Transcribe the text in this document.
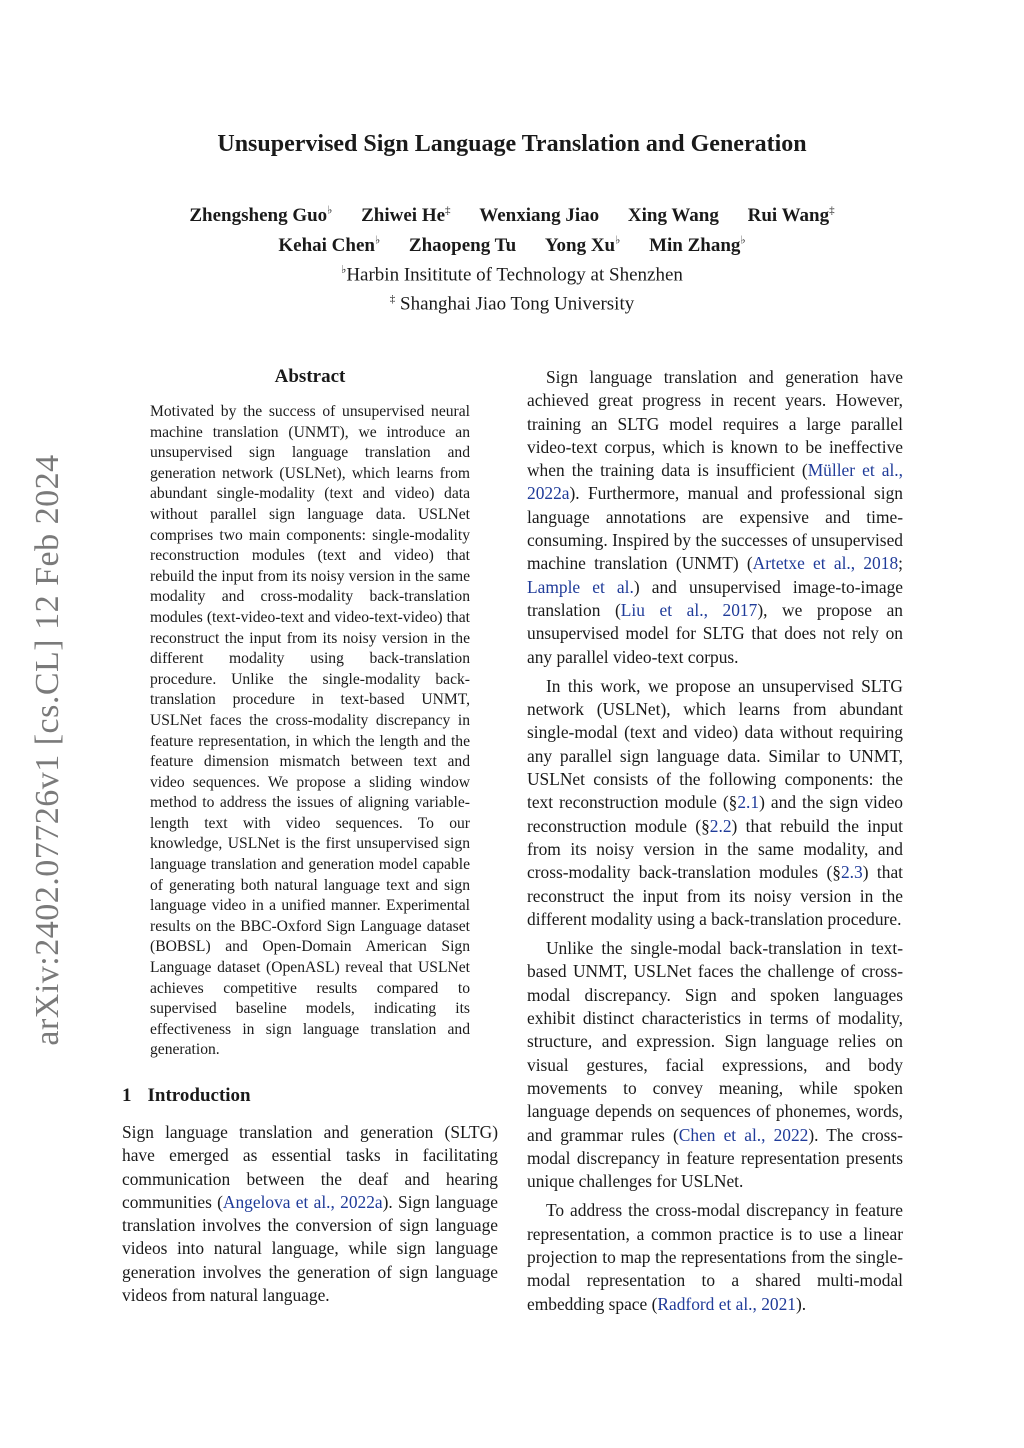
arXiv:2402.07726v1 [cs.CL] 12 Feb 2024
Unsupervised Sign Language Translation and Generation
Zhengsheng Guo♭ Zhiwei He‡ Wenxiang Jiao Xing Wang Rui Wang‡
Kehai Chen♭ Zhaopeng Tu Yong Xu♭ Min Zhang♭
♭Harbin Insititute of Technology at Shenzhen
‡ Shanghai Jiao Tong University
Abstract

Motivated by the success of unsupervised neural machine translation (UNMT), we introduce an unsupervised sign language translation and generation network (USLNet), which learns from abundant single-modality (text and video) data without parallel sign language data. USLNet comprises two main components: single-modality reconstruction modules (text and video) that rebuild the input from its noisy version in the same modality and cross-modality back-translation modules (text-video-text and video-text-video) that reconstruct the input from its noisy version in the different modality using back-translation procedure. Unlike the single-modality back-translation procedure in text-based UNMT, USLNet faces the cross-modality discrepancy in feature representation, in which the length and the feature dimension mismatch between text and video sequences. We propose a sliding window method to address the issues of aligning variable-length text with video sequences. To our knowledge, USLNet is the first unsupervised sign language translation and generation model capable of generating both natural language text and sign language video in a unified manner. Experimental results on the BBC-Oxford Sign Language dataset (BOBSL) and Open-Domain American Sign Language dataset (OpenASL) reveal that USLNet achieves competitive results compared to supervised baseline models, indicating its effectiveness in sign language translation and generation.

1 Introduction

Sign language translation and generation (SLTG) have emerged as essential tasks in facilitating communication between the deaf and hearing communities (Angelova et al., 2022a). Sign language translation involves the conversion of sign language videos into natural language, while sign language generation involves the generation of sign language videos from natural language.

Sign language translation and generation have achieved great progress in recent years. However, training an SLTG model requires a large parallel video-text corpus, which is known to be ineffective when the training data is insufficient (Müller et al., 2022a). Furthermore, manual and professional sign language annotations are expensive and time-consuming. Inspired by the successes of unsupervised machine translation (UNMT) (Artetxe et al., 2018; Lample et al.) and unsupervised image-to-image translation (Liu et al., 2017), we propose an unsupervised model for SLTG that does not rely on any parallel video-text corpus.

In this work, we propose an unsupervised SLTG network (USLNet), which learns from abundant single-modal (text and video) data without requiring any parallel sign language data. Similar to UNMT, USLNet consists of the following components: the text reconstruction module (§2.1) and the sign video reconstruction module (§2.2) that rebuild the input from its noisy version in the same modality, and cross-modality back-translation modules (§2.3) that reconstruct the input from its noisy version in the different modality using a back-translation procedure.

Unlike the single-modal back-translation in text-based UNMT, USLNet faces the challenge of cross-modal discrepancy. Sign and spoken languages exhibit distinct characteristics in terms of modality, structure, and expression. Sign language relies on visual gestures, facial expressions, and body movements to convey meaning, while spoken language depends on sequences of phonemes, words, and grammar rules (Chen et al., 2022). The cross-modal discrepancy in feature representation presents unique challenges for USLNet.

To address the cross-modal discrepancy in feature representation, a common practice is to use a linear projection to map the representations from the single-modal representation to a shared multi-modal embedding space (Radford et al., 2021).
